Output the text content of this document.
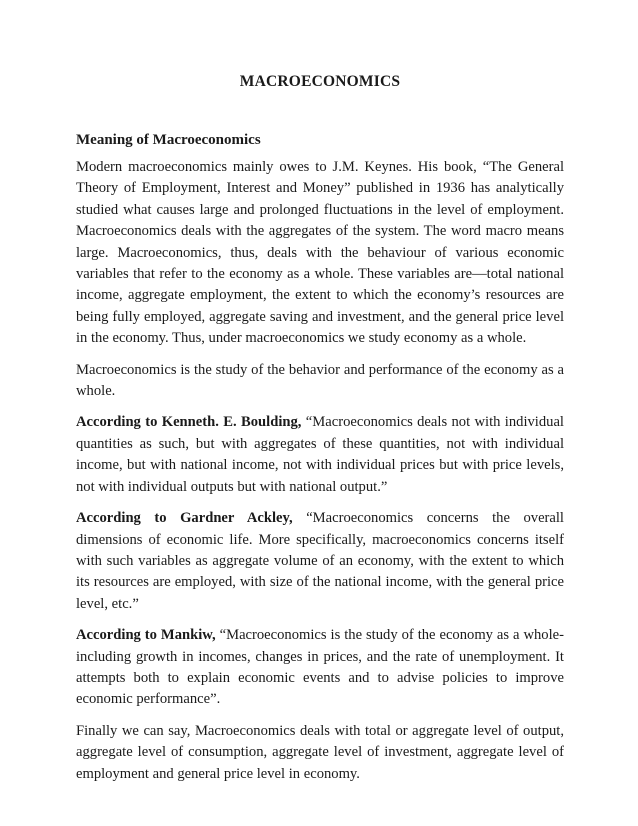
MACROECONOMICS
Meaning of Macroeconomics

Modern macroeconomics mainly owes to J.M. Keynes. His book, “The General Theory of Employment, Interest and Money” published in 1936 has analytically studied what causes large and prolonged fluctuations in the level of employment. Macroeconomics deals with the aggregates of the system. The word macro means large. Macroeconomics, thus, deals with the behaviour of various economic variables that refer to the economy as a whole. These variables are—total national income, aggregate employment, the extent to which the economy’s resources are being fully employed, aggregate saving and investment, and the general price level in the economy. Thus, under macroeconomics we study economy as a whole.

Macroeconomics is the study of the behavior and performance of the economy as a whole.

According to Kenneth. E. Boulding, “Macroeconomics deals not with individual quantities as such, but with aggregates of these quantities, not with individual income, but with national income, not with individual prices but with price levels, not with individual outputs but with national output.”

According to Gardner Ackley, “Macroeconomics concerns the overall dimensions of economic life. More specifically, macroeconomics concerns itself with such variables as aggregate volume of an economy, with the extent to which its resources are employed, with size of the national income, with the general price level, etc.”

According to Mankiw, “Macroeconomics is the study of the economy as a whole-including growth in incomes, changes in prices, and the rate of unemployment. It attempts both to explain economic events and to advise policies to improve economic performance”.

Finally we can say, Macroeconomics deals with total or aggregate level of output, aggregate level of consumption, aggregate level of investment, aggregate level of employment and general price level in economy.
